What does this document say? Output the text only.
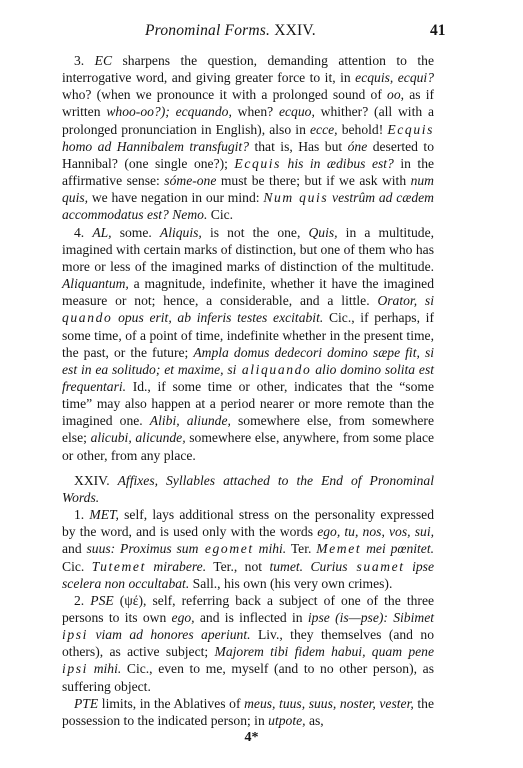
Pronominal Forms. XXIV.	41

3. EC sharpens the question, demanding attention to the interrogative word, and giving greater force to it, in ecquis, ecqui? who? (when we pronounce it with a prolonged sound of oo, as if written whoo-oo?); ecquando, when? ecquo, whither? (all with a prolonged pronunciation in English), also in ecce, behold! Ecquis homo ad Hannibalem transfugit? that is, Has but óne deserted to Hannibal? (one single one?); Ecquis his in ædibus est? in the affirmative sense: sóme-one must be there; but if we ask with num quis, we have negation in our mind: Num quis vestrûm ad cædem accommodatus est? Nemo. Cic.

4. AL, some. Aliquis, is not the one, Quis, in a multitude, imagined with certain marks of distinction, but one of them who has more or less of the imagined marks of distinction of the multitude. Aliquantum, a magnitude, indefinite, whether it have the imagined measure or not; hence, a considerable, and a little. Orator, si quando opus erit, ab inferis testes excitabit. Cic., if perhaps, if some time, of a point of time, indefinite whether in the present time, the past, or the future; Ampla domus dedecori domino sæpe fit, si est in ea solitudo; et maxime, si aliquando alio domino solita est frequentari. Id., if some time or other, indicates that the “some time” may also happen at a period nearer or more remote than the imagined one. Alibi, aliunde, somewhere else, from somewhere else; alicubi, alicunde, somewhere else, anywhere, from some place or other, from any place.

XXIV. Affixes, Syllables attached to the End of Pronominal Words.

1. MET, self, lays additional stress on the personality expressed by the word, and is used only with the words ego, tu, nos, vos, sui, and suus: Proximus sum egomet mihi. Ter. Memet mei pœnitet. Cic. Tutemet mirabere. Ter., not tumet. Curius suamet ipse scelera non occultabat. Sall., his own (his very own crimes).

2. PSE (ψέ), self, referring back a subject of one of the three persons to its own ego, and is inflected in ipse (is—pse): Sibimet ipsi viam ad honores aperiunt. Liv., they themselves (and no others), as active subject; Majorem tibi fidem habui, quam pene ipsi mihi. Cic., even to me, myself (and to no other person), as suffering object.

PTE limits, in the Ablatives of meus, tuus, suus, noster, vester, the possession to the indicated person; in utpote, as,

4*
